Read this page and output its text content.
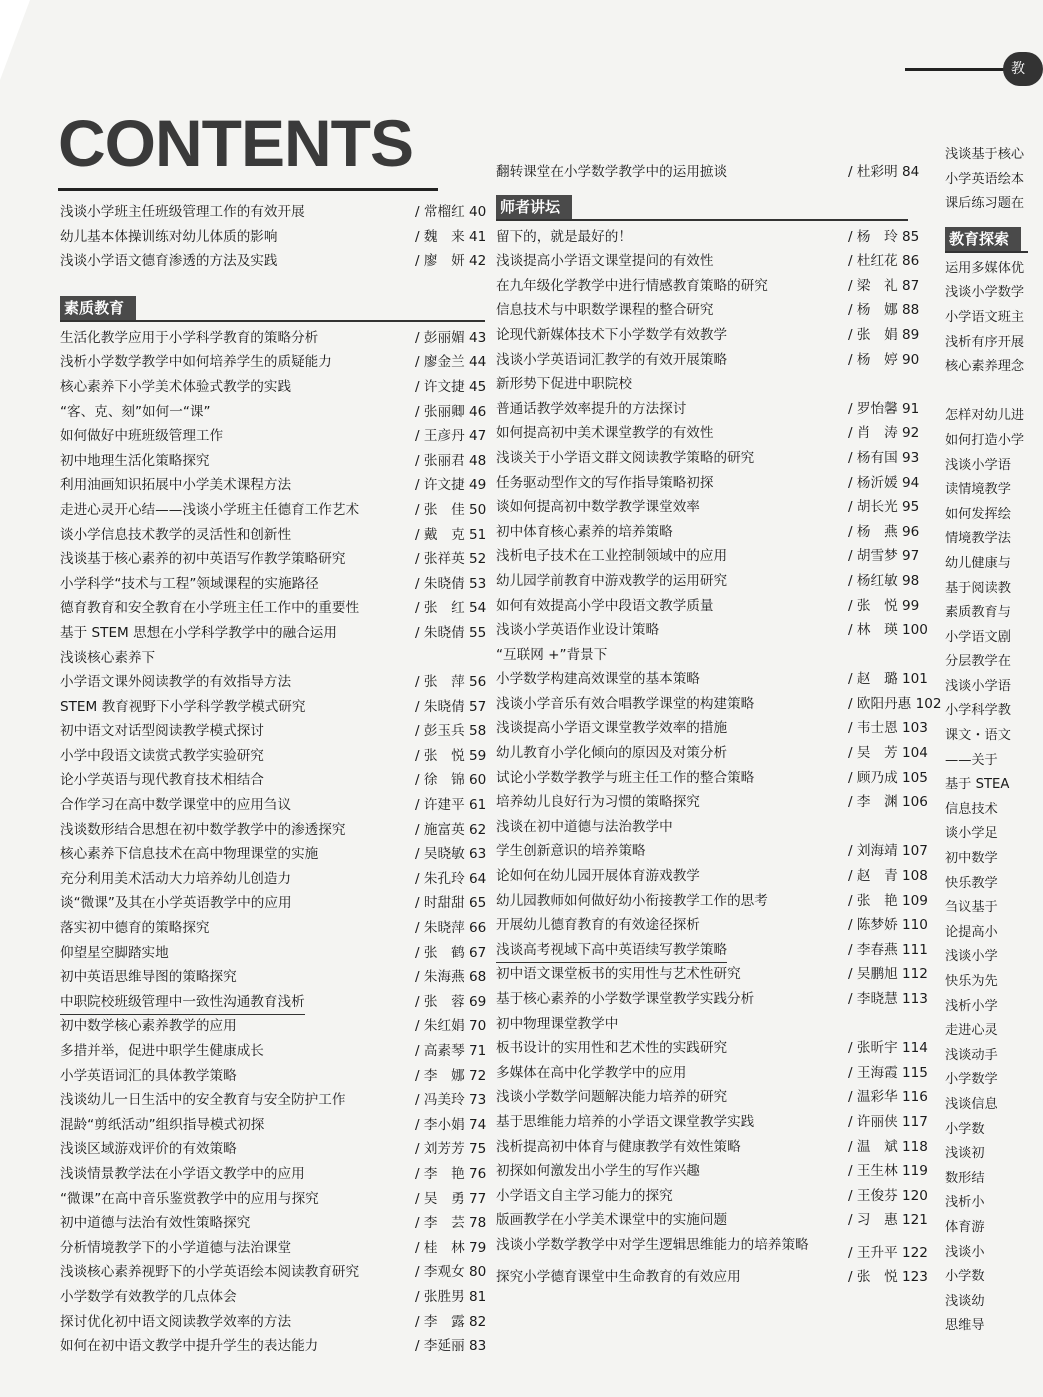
教
CONTENTS
浅谈小学班主任班级管理工作的有效开展	/ 常榴红 40
幼儿基本体操训练对幼儿体质的影响	/ 魏　来 41
浅谈小学语文德育渗透的方法及实践	/ 廖　妍 42
素质教育
生活化教学应用于小学科学教育的策略分析	/ 彭丽媚 43
浅析小学数学教学中如何培养学生的质疑能力	/ 廖金兰 44
核心素养下小学美术体验式教学的实践	/ 许文捷 45
“客、克、刻”如何一“课”	/ 张丽卿 46
如何做好中班班级管理工作	/ 王彦丹 47
初中地理生活化策略探究	/ 张丽君 48
利用油画知识拓展中小学美术课程方法	/ 许文捷 49
走进心灵开心结——浅谈小学班主任德育工作艺术	/ 张　佳 50
谈小学信息技术教学的灵活性和创新性	/ 戴　克 51
浅谈基于核心素养的初中英语写作教学策略研究	/ 张祥英 52
小学科学“技术与工程”领域课程的实施路径	/ 朱晓倩 53
德育教育和安全教育在小学班主任工作中的重要性	/ 张　红 54
基于 STEM 思想在小学科学教学中的融合运用	/ 朱晓倩 55
浅谈核心素养下
小学语文课外阅读教学的有效指导方法	/ 张　萍 56
STEM 教育视野下小学科学教学模式研究	/ 朱晓倩 57
初中语文对话型阅读教学模式探讨	/ 彭玉兵 58
小学中段语文读赏式教学实验研究	/ 张　悦 59
论小学英语与现代教育技术相结合	/ 徐　锦 60
合作学习在高中数学课堂中的应用刍议	/ 许建平 61
浅谈数形结合思想在初中数学教学中的渗透探究	/ 施富英 62
核心素养下信息技术在高中物理课堂的实施	/ 吴晓敏 63
充分利用美术活动大力培养幼儿创造力	/ 朱孔玲 64
谈“微课”及其在小学英语教学中的应用	/ 时甜甜 65
落实初中德育的策略探究	/ 朱晓萍 66
仰望星空脚踏实地	/ 张　鹤 67
初中英语思维导图的策略探究	/ 朱海燕 68
中职院校班级管理中一致性沟通教育浅析	/ 张　蓉 69
初中数学核心素养教学的应用	/ 朱红娟 70
多措并举，促进中职学生健康成长	/ 高素琴 71
小学英语词汇的具体教学策略	/ 李　娜 72
浅谈幼儿一日生活中的安全教育与安全防护工作	/ 冯美玲 73
混龄“剪纸活动”组织指导模式初探	/ 李小娟 74
浅谈区域游戏评价的有效策略	/ 刘芳芳 75
浅谈情景教学法在小学语文教学中的应用	/ 李　艳 76
“微课”在高中音乐鉴赏教学中的应用与探究	/ 吴　勇 77
初中道德与法治有效性策略探究	/ 李　芸 78
分析情境教学下的小学道德与法治课堂	/ 桂　林 79
浅谈核心素养视野下的小学英语绘本阅读教育研究	/ 李观女 80
小学数学有效教学的几点体会	/ 张胜男 81
探讨优化初中语文阅读教学效率的方法	/ 李　露 82
如何在初中语文教学中提升学生的表达能力	/ 李延丽 83
翻转课堂在小学数学教学中的运用摭谈	/ 杜彩明 84
师者讲坛
留下的，就是最好的！	/ 杨　玲 85
浅谈提高小学语文课堂提问的有效性	/ 杜红花 86
在九年级化学教学中进行情感教育策略的研究	/ 梁　礼 87
信息技术与中职数学课程的整合研究	/ 杨　娜 88
论现代新媒体技术下小学数学有效教学	/ 张　娟 89
浅谈小学英语词汇教学的有效开展策略	/ 杨　婷 90
新形势下促进中职院校
普通话教学效率提升的方法探讨	/ 罗怡馨 91
如何提高初中美术课堂教学的有效性	/ 肖　涛 92
浅谈关于小学语文群文阅读教学策略的研究	/ 杨有国 93
任务驱动型作文的写作指导策略初探	/ 杨沂媛 94
谈如何提高初中数学教学课堂效率	/ 胡长光 95
初中体育核心素养的培养策略	/ 杨　燕 96
浅析电子技术在工业控制领域中的应用	/ 胡雪梦 97
幼儿园学前教育中游戏教学的运用研究	/ 杨红敏 98
如何有效提高小学中段语文教学质量	/ 张　悦 99
浅谈小学英语作业设计策略	/ 林　瑛 100
“互联网 +”背景下
小学数学构建高效课堂的基本策略	/ 赵　璐 101
浅谈小学音乐有效合唱教学课堂的构建策略	/ 欧阳丹惠 102
浅谈提高小学语文课堂教学效率的措施	/ 韦士恩 103
幼儿教育小学化倾向的原因及对策分析	/ 吴　芳 104
试论小学数学教学与班主任工作的整合策略	/ 顾乃成 105
培养幼儿良好行为习惯的策略探究	/ 李　渊 106
浅谈在初中道德与法治教学中
学生创新意识的培养策略	/ 刘海靖 107
论如何在幼儿园开展体育游戏教学	/ 赵　青 108
幼儿园教师如何做好幼小衔接教学工作的思考	/ 张　艳 109
开展幼儿德育教育的有效途径探析	/ 陈梦娇 110
浅谈高考视域下高中英语续写教学策略	/ 李春燕 111
初中语文课堂板书的实用性与艺术性研究	/ 吴鹏旭 112
基于核心素养的小学数学课堂教学实践分析	/ 李晓慧 113
初中物理课堂教学中
板书设计的实用性和艺术性的实践研究	/ 张昕宇 114
多媒体在高中化学教学中的应用	/ 王海霞 115
浅谈小学数学问题解决能力培养的研究	/ 温彩华 116
基于思维能力培养的小学语文课堂教学实践	/ 许丽侠 117
浅析提高初中体育与健康教学有效性策略	/ 温　斌 118
初探如何激发出小学生的写作兴趣	/ 王生林 119
小学语文自主学习能力的探究	/ 王俊芬 120
版画教学在小学美术课堂中的实施问题	/ 习　惠 121
浅谈小学数学教学中对学生逻辑思维能力的培养策略	/ 王升平 122
探究小学德育课堂中生命教育的有效应用	/ 张　悦 123
浅谈基于核心
小学英语绘本
课后练习题在
教育探索
运用多媒体优
浅谈小学数学
小学语文班主
浅析有序开展
核心素养理念
怎样对幼儿进
如何打造小学
浅谈小学语
读情境教学
如何发挥绘
情境教学法
幼儿健康与
基于阅读教
素质教育与
小学语文剧
分层教学在
浅谈小学语
小学科学教
课文・语文
——关于
基于 STEA
信息技术
谈小学足
初中数学
快乐教学
刍议基于
论提高小
浅谈小学
快乐为先
浅析小学
走进心灵
浅谈动手
小学数学
浅谈信息
小学数
浅谈初
数形结
浅析小
体育游
浅谈小
小学数
浅谈幼
思维导
